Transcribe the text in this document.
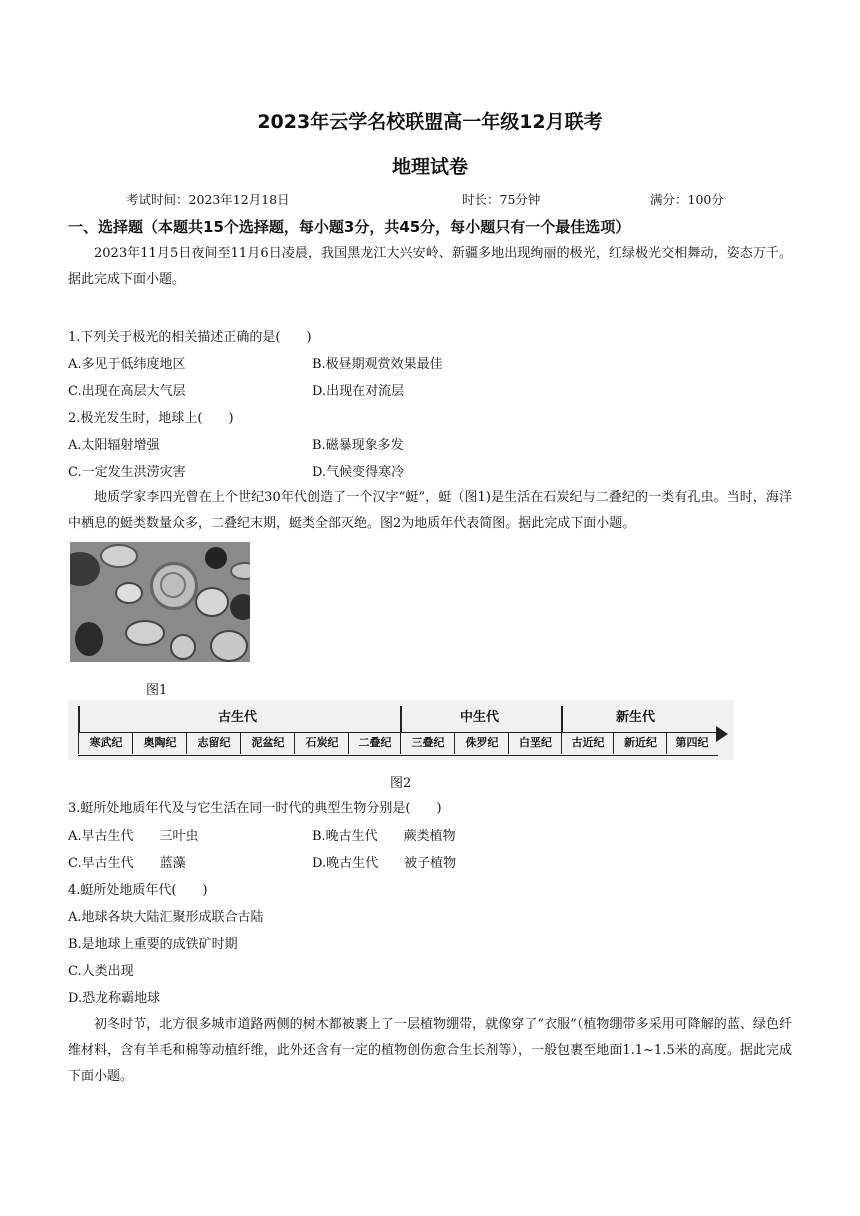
2023年云学名校联盟高一年级12月联考
地理试卷
考试时间：2023年12月18日	时长：75分钟	满分：100分
一、选择题（本题共15个选择题，每小题3分，共45分，每小题只有一个最佳选项）
2023年11月5日夜间至11月6日凌晨，我国黑龙江大兴安岭、新疆多地出现绚丽的极光，红绿极光交相舞动，姿态万千。据此完成下面小题。
1.下列关于极光的相关描述正确的是(　　)
A.多见于低纬度地区	B.极昼期观赏效果最佳
C.出现在高层大气层	D.出现在对流层
2.极光发生时，地球上(　　)
A.太阳辐射增强	B.磁暴现象多发
C.一定发生洪涝灾害	D.气候变得寒冷
地质学家李四光曾在上个世纪30年代创造了一个汉字“蜓”，蜓（图1)是生活在石炭纪与二叠纪的一类有孔虫。当时，海洋中栖息的蜓类数量众多，二叠纪末期，蜓类全部灭绝。图2为地质年代表简图。据此完成下面小题。
图1
古生代	中生代	新生代
寒武纪	奥陶纪	志留纪	泥盆纪	石炭纪	二叠纪	三叠纪	侏罗纪	白垩纪	古近纪	新近纪	第四纪
图2
3.蜓所处地质年代及与它生活在同一时代的典型生物分别是(　　)
A.早古生代　　三叶虫	B.晚古生代　　蕨类植物
C.早古生代　　蓝藻	D.晚古生代　　被子植物
4.蜓所处地质年代(　　)
A.地球各块大陆汇聚形成联合古陆
B.是地球上重要的成铁矿时期
C.人类出现
D.恐龙称霸地球
初冬时节，北方很多城市道路两侧的树木都被裹上了一层植物绷带，就像穿了“衣服”（植物绷带多采用可降解的蓝、绿色纤维材料，含有羊毛和棉等动植纤维，此外还含有一定的植物创伤愈合生长剂等），一般包裹至地面1.1~1.5米的高度。据此完成下面小题。
